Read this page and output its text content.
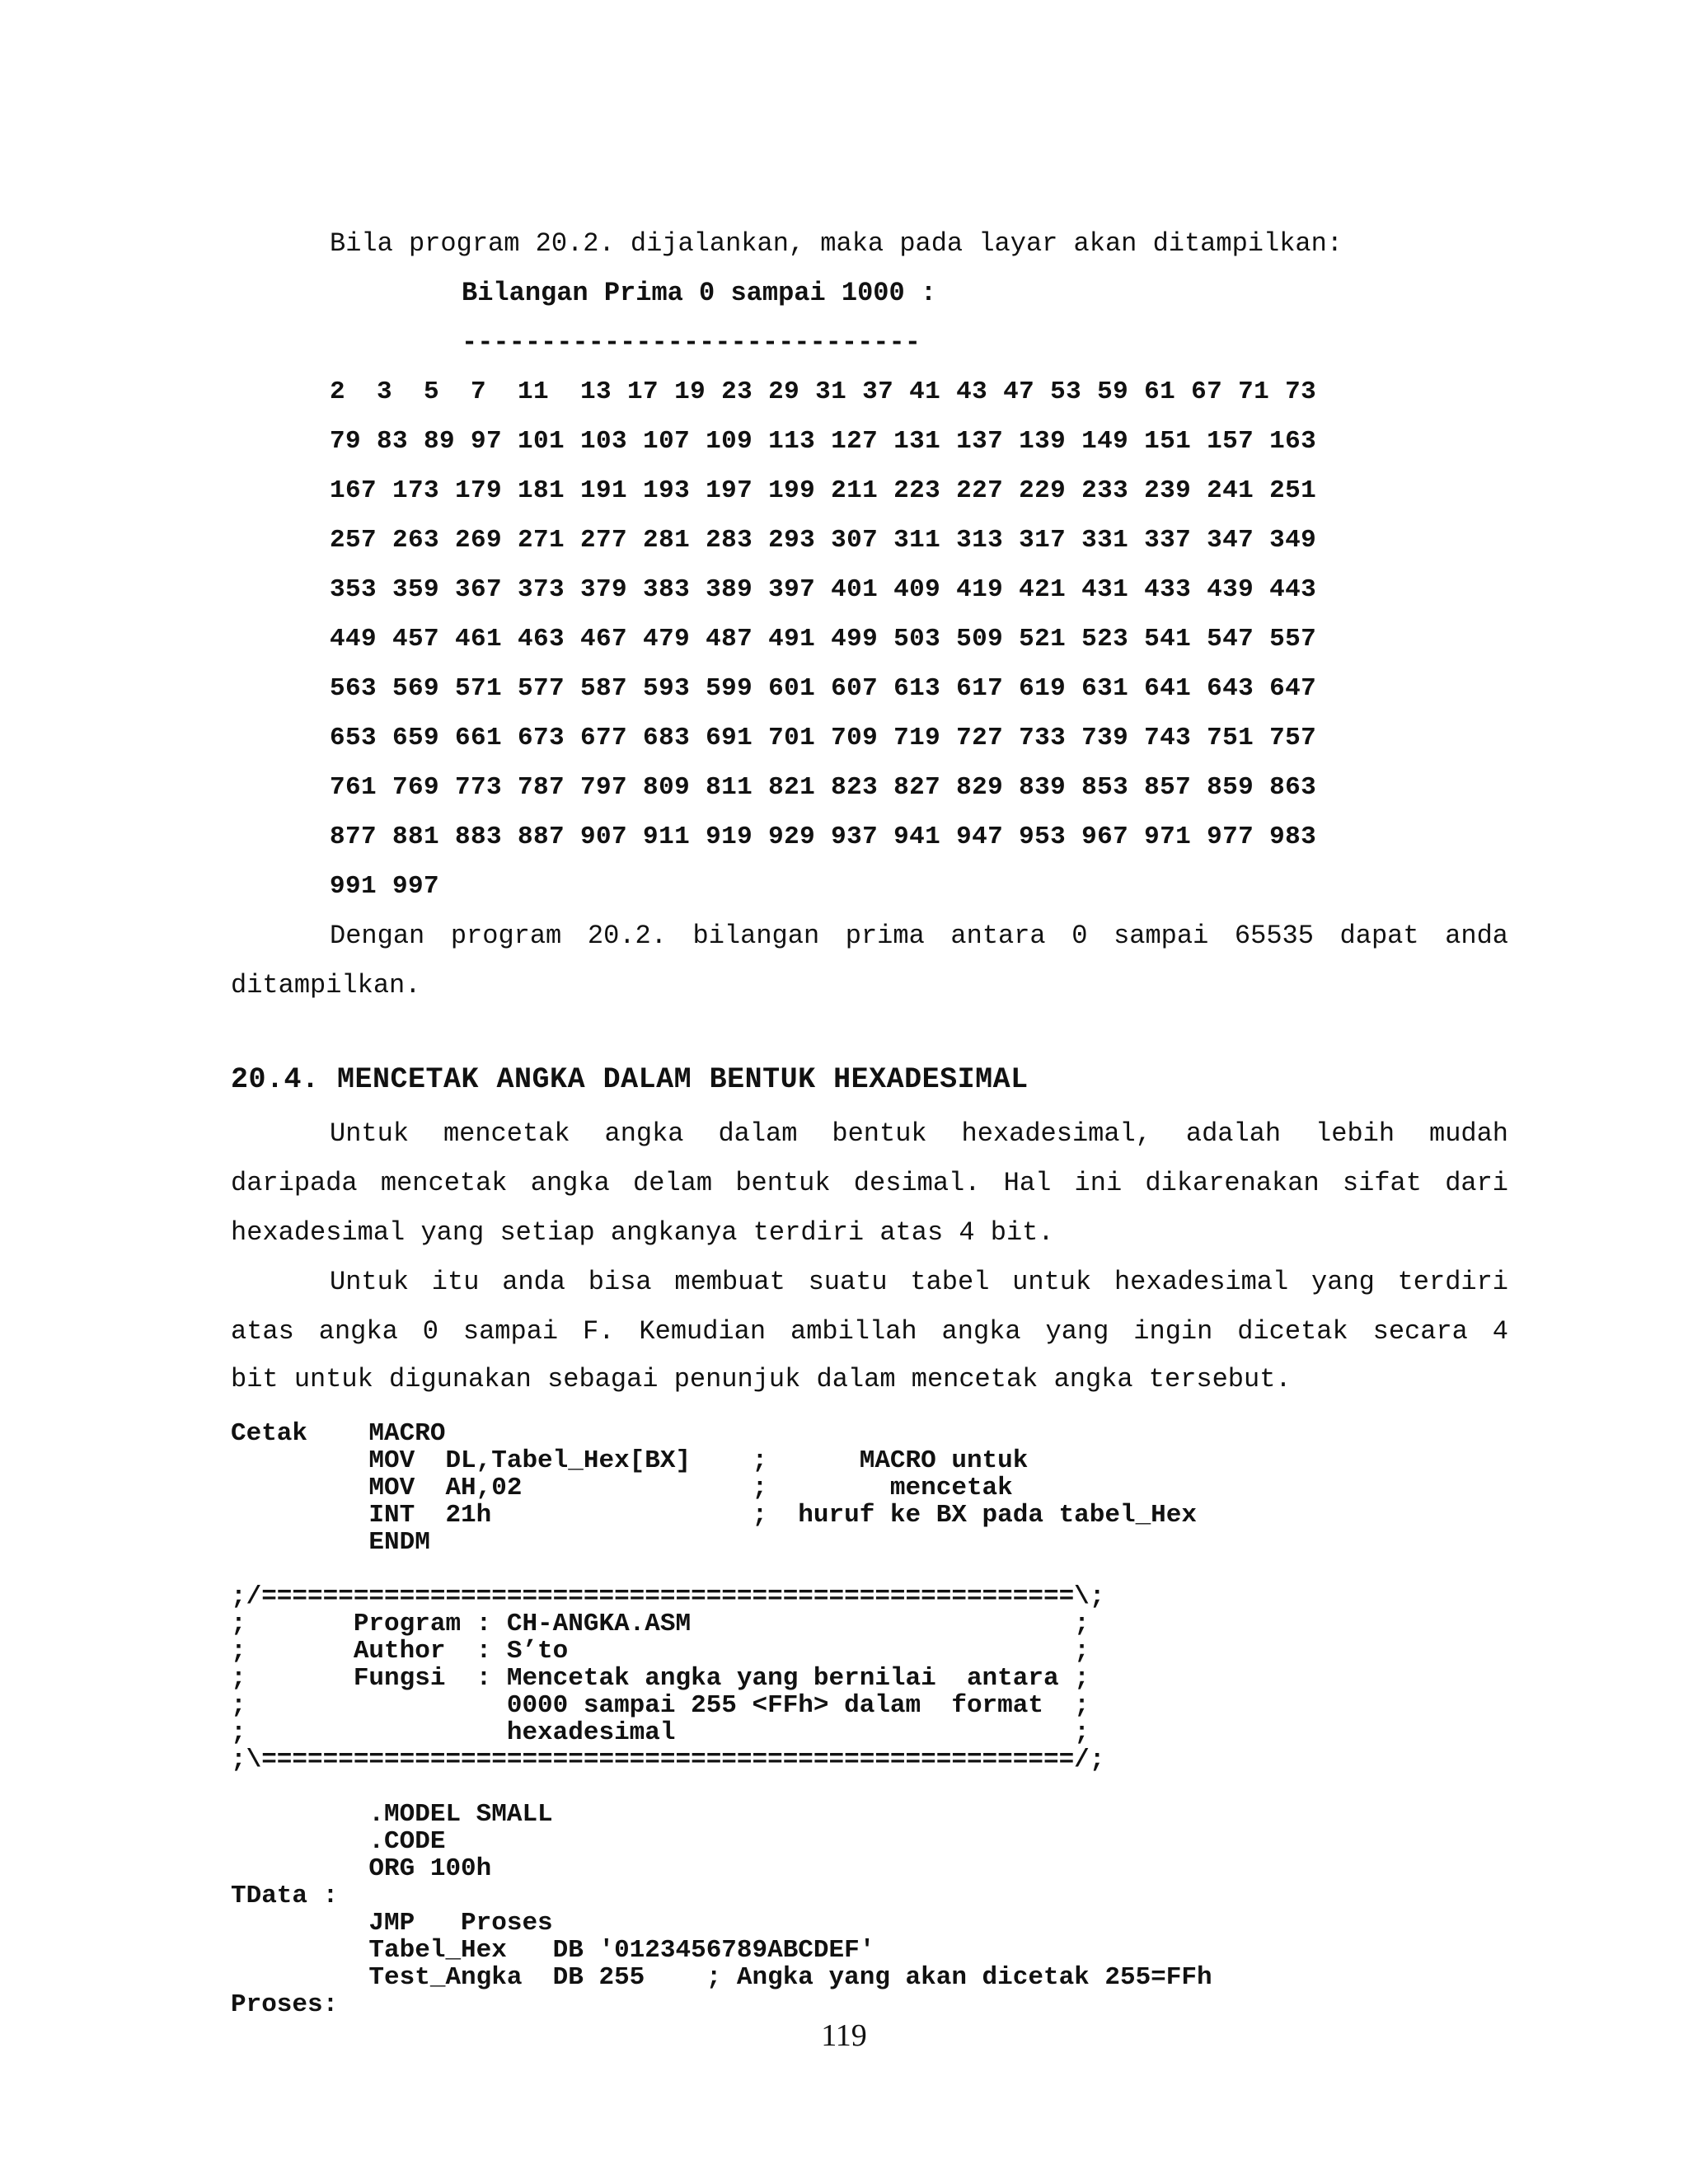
Bila program 20.2. dijalankan, maka pada layar akan ditampilkan:
Bilangan Prima 0 sampai 1000 :
-----------------------------
2  3  5  7  11  13 17 19 23 29 31 37 41 43 47 53 59 61 67 71 73
79 83 89 97 101 103 107 109 113 127 131 137 139 149 151 157 163
167 173 179 181 191 193 197 199 211 223 227 229 233 239 241 251
257 263 269 271 277 281 283 293 307 311 313 317 331 337 347 349
353 359 367 373 379 383 389 397 401 409 419 421 431 433 439 443
449 457 461 463 467 479 487 491 499 503 509 521 523 541 547 557
563 569 571 577 587 593 599 601 607 613 617 619 631 641 643 647
653 659 661 673 677 683 691 701 709 719 727 733 739 743 751 757
761 769 773 787 797 809 811 821 823 827 829 839 853 857 859 863
877 881 883 887 907 911 919 929 937 941 947 953 967 971 977 983
991 997
Dengan program 20.2. bilangan prima antara 0 sampai 65535 dapat anda
ditampilkan.
20.4. MENCETAK ANGKA DALAM BENTUK HEXADESIMAL
Untuk mencetak angka dalam bentuk hexadesimal, adalah lebih mudah
daripada mencetak angka delam bentuk desimal. Hal ini dikarenakan sifat dari
hexadesimal yang setiap angkanya terdiri atas 4 bit.
Untuk itu anda bisa membuat suatu tabel untuk hexadesimal yang terdiri
atas angka 0 sampai F. Kemudian ambillah angka yang ingin dicetak secara 4
bit untuk digunakan sebagai penunjuk dalam mencetak angka tersebut.

Cetak    MACRO
MOV  DL,Tabel_Hex[BX]    ;      MACRO untuk
MOV  AH,02               ;        mencetak
INT  21h                 ;  huruf ke BX pada tabel_Hex
ENDM

;/=====================================================\;
;       Program : CH-ANGKA.ASM                         ;
;       Author  : S’to                                 ;
;       Fungsi  : Mencetak angka yang bernilai  antara ;
;                 0000 sampai 255 <FFh> dalam  format  ;
;                 hexadesimal                          ;
;\=====================================================/;

.MODEL SMALL
.CODE
ORG 100h
TData :
JMP   Proses
Tabel_Hex   DB '0123456789ABCDEF'
Test_Angka  DB 255    ; Angka yang akan dicetak 255=FFh
Proses:

119
